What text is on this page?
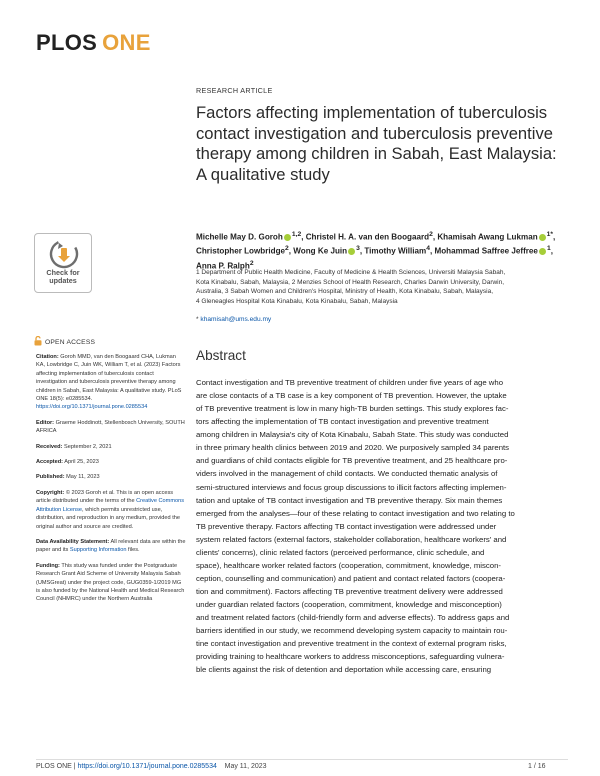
PLOS ONE
RESEARCH ARTICLE
Factors affecting implementation of tuberculosis contact investigation and tuberculosis preventive therapy among children in Sabah, East Malaysia: A qualitative study
Michelle May D. Goroh $^{1,2}$, Christel H. A. van den Boogaard$^2$, Khamisah Awang Lukman $^{1*}$, Christopher Lowbridge$^2$, Wong Ke Juin $^3$, Timothy William$^4$, Mohammad Saffree Jeffree $^1$, Anna P. Ralph$^2$
1 Department of Public Health Medicine, Faculty of Medicine & Health Sciences, Universiti Malaysia Sabah,
Kota Kinabalu, Sabah, Malaysia, 2 Menzies School of Health Research, Charles Darwin University, Darwin,
Australia, 3 Sabah Women and Children's Hospital, Ministry of Health, Kota Kinabalu, Sabah, Malaysia,
4 Gleneagles Hospital Kota Kinabalu, Kota Kinabalu, Sabah, Malaysia
* khamisah@ums.edu.my
Abstract
Contact investigation and TB preventive treatment of children under five years of age who
are close contacts of a TB case is a key component of TB prevention. However, the uptake
of TB preventive treatment is low in many high-TB burden settings. This study explores fac-
tors affecting the implementation of TB contact investigation and preventive treatment
among children in Malaysia's city of Kota Kinabalu, Sabah State. This study was conducted
in three primary health clinics between 2019 and 2020. We purposively sampled 34 parents
and guardians of child contacts eligible for TB preventive treatment, and 25 healthcare pro-
viders involved in the management of child contacts. We conducted thematic analysis of
semi-structured interviews and focus group discussions to illicit factors affecting implemen-
tation and uptake of TB contact investigation and TB preventive therapy. Six main themes
emerged from the analyses—four of these relating to contact investigation and two relating to
TB preventive therapy. Factors affecting TB contact investigation were addressed under
system related factors (external factors, stakeholder collaboration, healthcare workers' and
clients' concerns), clinic related factors (perceived performance, clinic schedule, and
space), healthcare worker related factors (cooperation, commitment, knowledge, miscon-
ception, counselling and communication) and patient and contact related factors (coopera-
tion and commitment). Factors affecting TB preventive treatment delivery were addressed
under guardian related factors (cooperation, commitment, knowledge and misconception)
and treatment related factors (child-friendly form and adverse effects). To address gaps and
barriers identified in our study, we recommend developing system capacity to maintain rou-
tine contact investigation and preventive treatment in the context of external program risks,
providing training to healthcare workers to address misconceptions, safeguarding vulnera-
ble clients against the risk of detention and deportation while accessing care, ensuring
Check for
updates
OPEN ACCESS
Citation: Goroh MMD, van den Boogaard CHA, Lukman KA, Lowbridge C, Juin WK, William T, et al. (2023) Factors affecting implementation of tuberculosis contact investigation and tuberculosis preventive therapy among children in Sabah, East Malaysia: A qualitative study. PLoS ONE 18(5): e0285534. https://doi.org/10.1371/journal.pone.0285534
Editor: Graeme Hoddinott, Stellenbosch University, SOUTH AFRICA
Received: September 2, 2021
Accepted: April 25, 2023
Published: May 11, 2023
Copyright: © 2023 Goroh et al. This is an open access article distributed under the terms of the Creative Commons Attribution License, which permits unrestricted use, distribution, and reproduction in any medium, provided the original author and source are credited.
Data Availability Statement: All relevant data are within the paper and its Supporting Information files.
Funding: This study was funded under the Postgraduate Research Grant Aid Scheme of University Malaysia Sabah (UMSGreat) under the project code, GUG0359-1/2019 MG is also funded by the National Health and Medical Research Council (NHMRC) under the Northern Australia
PLOS ONE | https://doi.org/10.1371/journal.pone.0285534 May 11, 2023	1 / 16
